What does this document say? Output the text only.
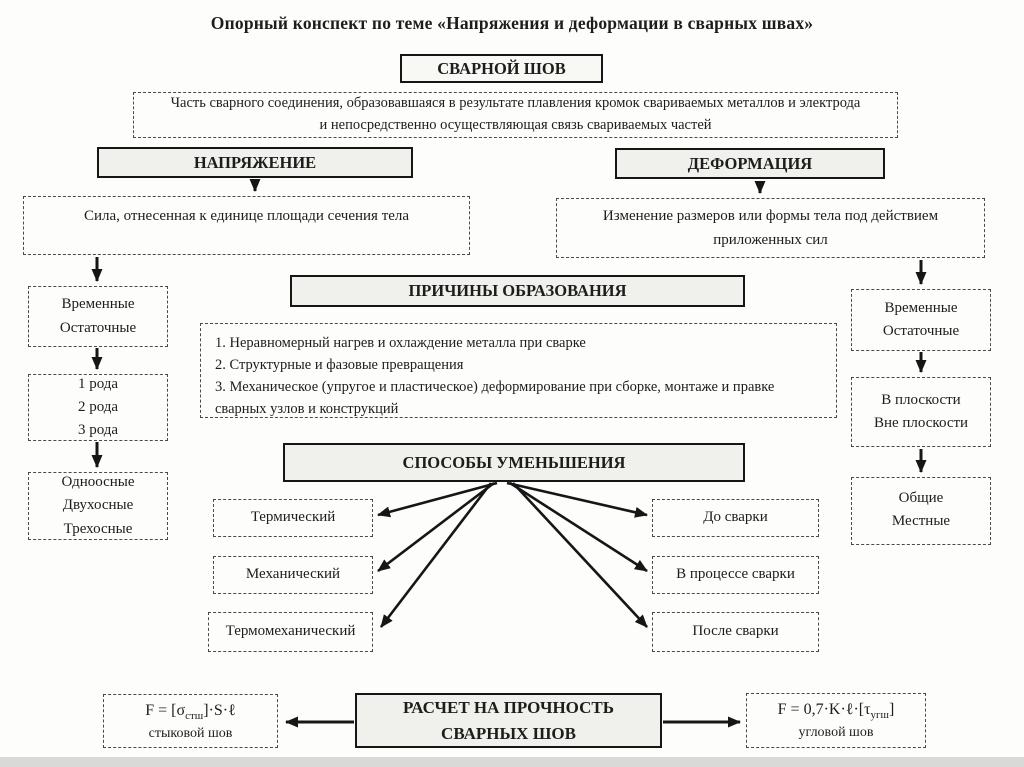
Опорный конспект по теме «Напряжения и деформации в сварных швах»
СВАРНОЙ ШОВ
Часть сварного соединения, образовавшаяся в результате плавления кромок свариваемых металлов и электрода
и непосредственно осуществляющая связь свариваемых частей
НАПРЯЖЕНИЕ	ДЕФОРМАЦИЯ
Сила, отнесенная к единице площади сечения тела	Изменение размеров или формы тела под действием
приложенных сил
Временные
Остаточные
1 рода
2 рода
3 рода
Одноосные
Двухосные
Трехосные
Временные
Остаточные
В плоскости
Вне плоскости
Общие
Местные
ПРИЧИНЫ ОБРАЗОВАНИЯ
1. Неравномерный нагрев и охлаждение металла при сварке
2. Структурные и фазовые превращения
3. Механическое (упругое и пластическое) деформирование при сборке, монтаже и правке сварных узлов и конструкций
СПОСОБЫ УМЕНЬШЕНИЯ
Термический
Механический
Термомеханический
До сварки
В процессе сварки
После сварки
РАСЧЕТ НА ПРОЧНОСТЬ
СВАРНЫХ ШОВ
$F = [\sigma_{стш}]\cdot S\cdot\ell$
стыковой шов
$F = 0,7\cdot K\cdot\ell\cdot[\tau_{угш}]$
угловой шов
